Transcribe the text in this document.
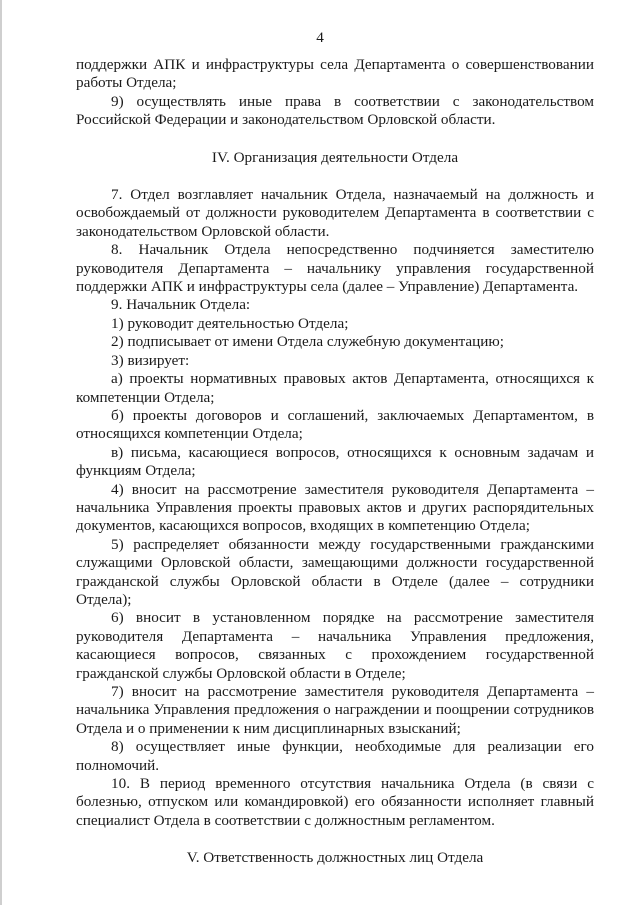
4

поддержки АПК и инфраструктуры села Департамента о совершенствовании работы Отдела;

9) осуществлять иные права в соответствии с законодательством Российской Федерации и законодательством Орловской области.

IV. Организация деятельности Отдела

7. Отдел возглавляет начальник Отдела, назначаемый на должность и освобождаемый от должности руководителем Департамента в соответствии с законодательством Орловской области.

8. Начальник Отдела непосредственно подчиняется заместителю руководителя Департамента – начальнику управления государственной поддержки АПК и инфраструктуры села (далее – Управление) Департамента.

9. Начальник Отдела:

1) руководит деятельностью Отдела;

2) подписывает от имени Отдела служебную документацию;

3) визирует:

а) проекты нормативных правовых актов Департамента, относящихся к компетенции Отдела;

б) проекты договоров и соглашений, заключаемых Департаментом, в относящихся компетенции Отдела;

в) письма, касающиеся вопросов, относящихся к основным задачам и функциям Отдела;

4) вносит на рассмотрение заместителя руководителя Департамента – начальника Управления проекты правовых актов и других распорядительных документов, касающихся вопросов, входящих в компетенцию Отдела;

5) распределяет обязанности между государственными гражданскими служащими Орловской области, замещающими должности государственной гражданской службы Орловской области в Отделе (далее – сотрудники Отдела);

6) вносит в установленном порядке на рассмотрение заместителя руководителя Департамента – начальника Управления предложения, касающиеся вопросов, связанных с прохождением государственной гражданской службы Орловской области в Отделе;

7) вносит на рассмотрение заместителя руководителя Департамента – начальника Управления предложения о награждении и поощрении сотрудников Отдела и о применении к ним дисциплинарных взысканий;

8) осуществляет иные функции, необходимые для реализации его полномочий.

10. В период временного отсутствия начальника Отдела (в связи с болезнью, отпуском или командировкой) его обязанности исполняет главный специалист Отдела в соответствии с должностным регламентом.

V. Ответственность должностных лиц Отдела
